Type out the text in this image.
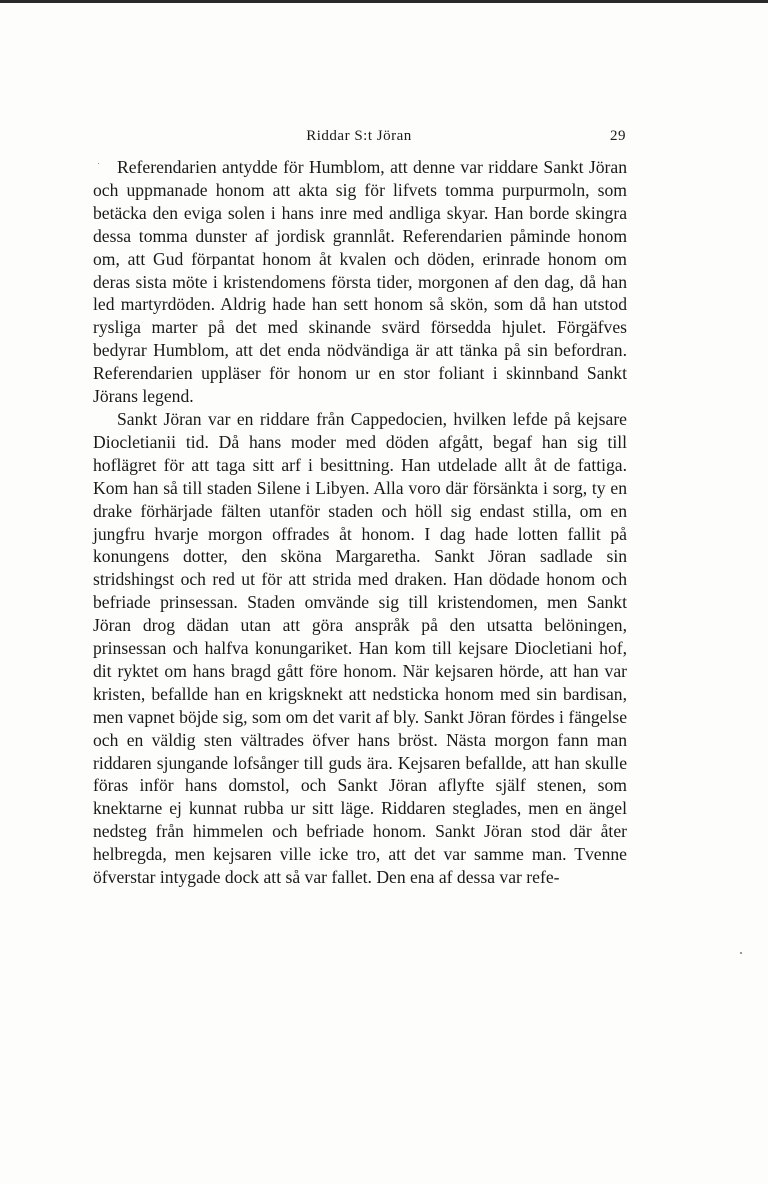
Riddar S:t Jöran	29

Referendarien antydde för Humblom, att denne var riddare Sankt Jöran och uppmanade honom att akta sig för lifvets tomma purpurmoln, som betäcka den eviga solen i hans inre med andliga skyar. Han borde skingra dessa tomma dunster af jordisk grannlåt. Referendarien påminde honom om, att Gud förpantat honom åt kvalen och döden, erinrade honom om deras sista möte i kristendomens första tider, morgonen af den dag, då han led martyrdöden. Aldrig hade han sett honom så skön, som då han utstod rysliga marter på det med skinande svärd försedda hjulet. Förgäfves bedyrar Humblom, att det enda nödvändiga är att tänka på sin befordran. Referendarien uppläser för honom ur en stor foliant i skinnband Sankt Jörans legend.

Sankt Jöran var en riddare från Cappedocien, hvilken lefde på kejsare Diocletianii tid. Då hans moder med döden afgått, begaf han sig till hoflägret för att taga sitt arf i besittning. Han utdelade allt åt de fattiga. Kom han så till staden Silene i Libyen. Alla voro där försänkta i sorg, ty en drake förhärjade fälten utanför staden och höll sig endast stilla, om en jungfru hvarje morgon offrades åt honom. I dag hade lotten fallit på konungens dotter, den sköna Margaretha. Sankt Jöran sadlade sin stridshingst och red ut för att strida med draken. Han dödade honom och befriade prinsessan. Staden omvände sig till kristendomen, men Sankt Jöran drog dädan utan att göra anspråk på den utsatta belöningen, prinsessan och halfva konungariket. Han kom till kejsare Diocletiani hof, dit ryktet om hans bragd gått före honom. När kejsaren hörde, att han var kristen, befallde han en krigsknekt att nedsticka honom med sin bardisan, men vapnet böjde sig, som om det varit af bly. Sankt Jöran fördes i fängelse och en väldig sten vältrades öfver hans bröst. Nästa morgon fann man riddaren sjungande lofsånger till guds ära. Kejsaren befallde, att han skulle föras inför hans domstol, och Sankt Jöran aflyfte själf stenen, som knektarne ej kunnat rubba ur sitt läge. Riddaren steglades, men en ängel nedsteg från himmelen och befriade honom. Sankt Jöran stod där åter helbregda, men kejsaren ville icke tro, att det var samme man. Tvenne öfverstar intygade dock att så var fallet. Den ena af dessa var refe-
